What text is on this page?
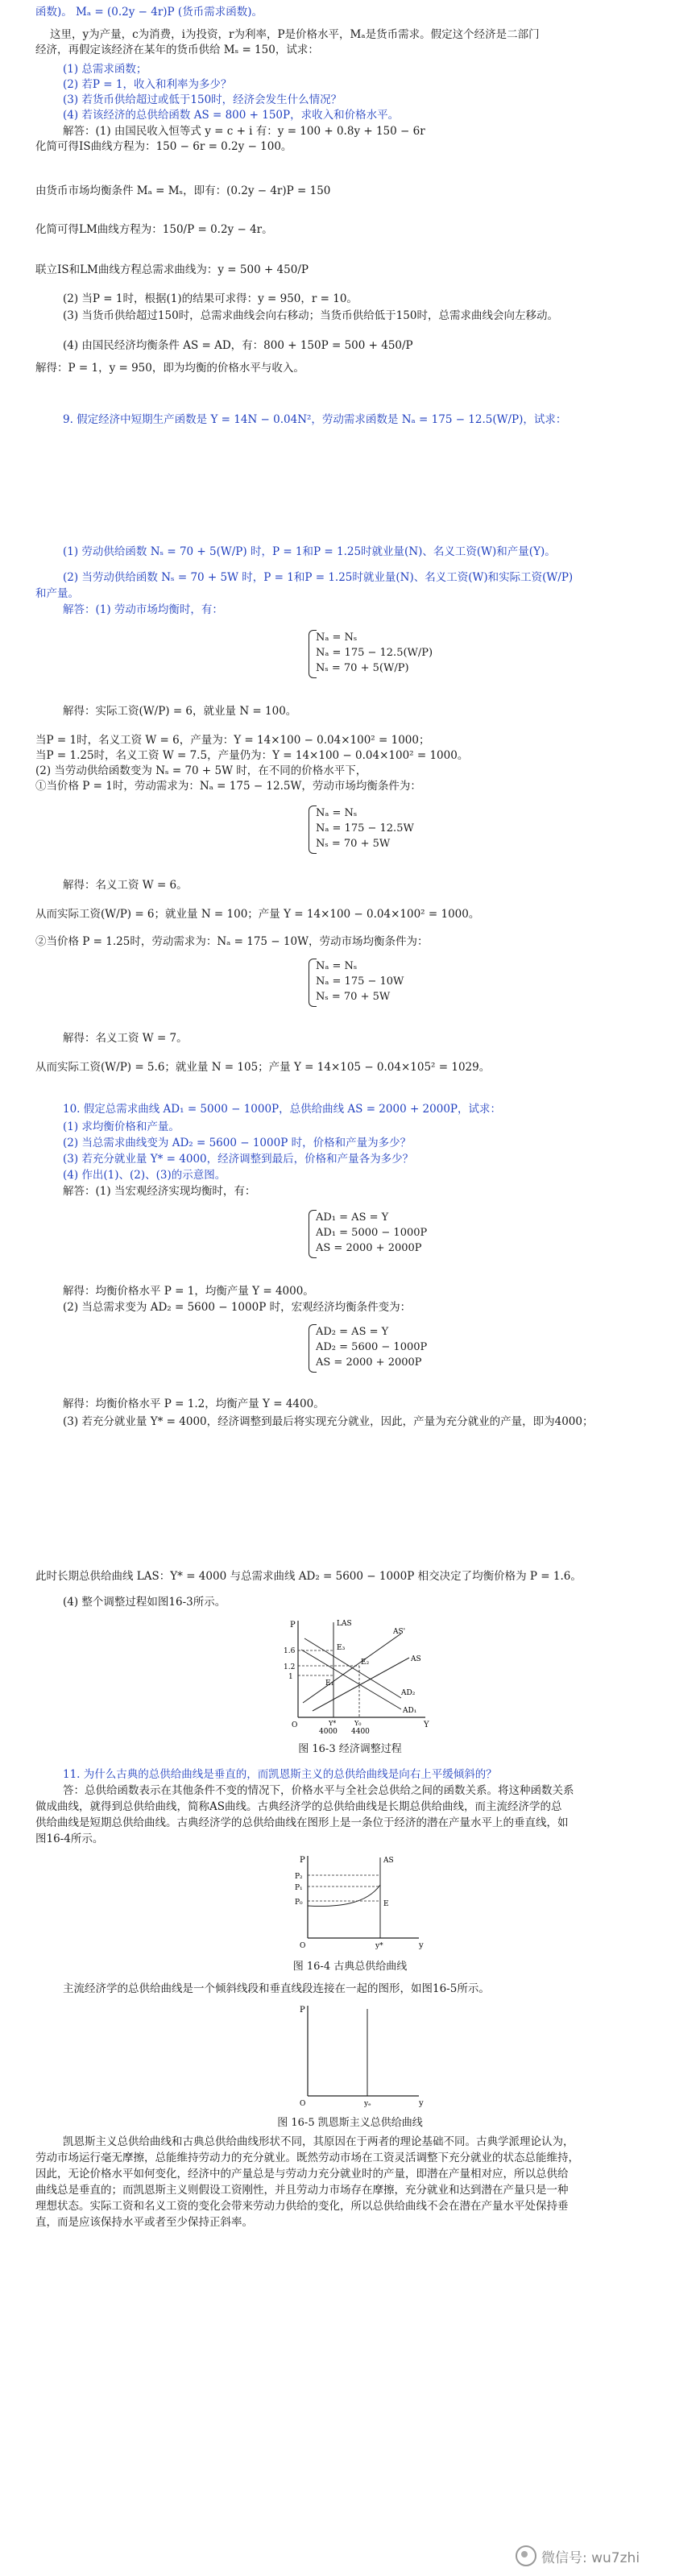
函数)。 Mₐ = (0.2y − 4r)P (货币需求函数)。
这里，y为产量，c为消费，i为投资，r为利率，P是价格水平，Mₐ是货币需求。假定这个经济是二部门
经济，再假定该经济在某年的货币供给 Mₛ = 150，试求：
(1) 总需求函数；
(2) 若P = 1，收入和利率为多少？
(3) 若货币供给超过或低于150时，经济会发生什么情况？
(4) 若该经济的总供给函数 AS = 800 + 150P，求收入和价格水平。
解答：(1) 由国民收入恒等式 y = c + i 有：y = 100 + 0.8y + 150 − 6r
化简可得IS曲线方程为：150 − 6r = 0.2y − 100。
由货币市场均衡条件 Mₐ = Mₛ，即有：(0.2y − 4r)P = 150
化简可得LM曲线方程为：150/P = 0.2y − 4r。
联立IS和LM曲线方程总需求曲线为：y = 500 + 450/P
(2) 当P = 1时，根据(1)的结果可求得：y = 950，r = 10。
(3) 当货币供给超过150时，总需求曲线会向右移动；当货币供给低于150时，总需求曲线会向左移动。
(4) 由国民经济均衡条件 AS = AD，有：800 + 150P = 500 + 450/P
解得：P = 1，y = 950，即为均衡的价格水平与收入。
9. 假定经济中短期生产函数是 Y = 14N − 0.04N²，劳动需求函数是 Nₐ = 175 − 12.5(W/P)，试求：
(1) 劳动供给函数 Nₛ = 70 + 5(W/P) 时，P = 1和P = 1.25时就业量(N)、名义工资(W)和产量(Y)。
(2) 当劳动供给函数 Nₛ = 70 + 5W 时，P = 1和P = 1.25时就业量(N)、名义工资(W)和实际工资(W/P)
和产量。
解答：(1) 劳动市场均衡时，有：
Nₐ = Nₛ
Nₐ = 175 − 12.5(W/P)
Nₛ = 70 + 5(W/P)
解得：实际工资(W/P) = 6，就业量 N = 100。
当P = 1时，名义工资 W = 6，产量为：Y = 14×100 − 0.04×100² = 1000；
当P = 1.25时，名义工资 W = 7.5，产量仍为：Y = 14×100 − 0.04×100² = 1000。
(2) 当劳动供给函数变为 Nₛ = 70 + 5W 时，在不同的价格水平下，
①当价格 P = 1时，劳动需求为：Nₐ = 175 − 12.5W，劳动市场均衡条件为：
Nₐ = Nₛ
Nₐ = 175 − 12.5W
Nₛ = 70 + 5W
解得：名义工资 W = 6。
从而实际工资(W/P) = 6；就业量 N = 100；产量 Y = 14×100 − 0.04×100² = 1000。
②当价格 P = 1.25时，劳动需求为：Nₐ = 175 − 10W，劳动市场均衡条件为：
Nₐ = Nₛ
Nₐ = 175 − 10W
Nₛ = 70 + 5W
解得：名义工资 W = 7。
从而实际工资(W/P) = 5.6；就业量 N = 105；产量 Y = 14×105 − 0.04×105² = 1029。
10. 假定总需求曲线 AD₁ = 5000 − 1000P，总供给曲线 AS = 2000 + 2000P，试求：
(1) 求均衡价格和产量。
(2) 当总需求曲线变为 AD₂ = 5600 − 1000P 时，价格和产量为多少？
(3) 若充分就业量 Y* = 4000，经济调整到最后，价格和产量各为多少？
(4) 作出(1)、(2)、(3)的示意图。
解答：(1) 当宏观经济实现均衡时，有：
AD₁ = AS = Y
AD₁ = 5000 − 1000P
AS = 2000 + 2000P
解得：均衡价格水平 P = 1，均衡产量 Y = 4000。
(2) 当总需求变为 AD₂ = 5600 − 1000P 时，宏观经济均衡条件变为：
AD₂ = AS = Y
AD₂ = 5600 − 1000P
AS = 2000 + 2000P
解得：均衡价格水平 P = 1.2，均衡产量 Y = 4400。
(3) 若充分就业量 Y* = 4000，经济调整到最后将实现充分就业，因此，产量为充分就业的产量，即为4000；
此时长期总供给曲线 LAS：Y* = 4000 与总需求曲线 AD₂ = 5600 − 1000P 相交决定了均衡价格为 P = 1.6。
(4) 整个调整过程如图16-3所示。
P
Y
O
1.6
1.2
1
4000 4400
LAS
AS'
AS
AD₂
AD₁
E₃
E₂
E₁
Y*	Y₀
图 16-3 经济调整过程
11. 为什么古典的总供给曲线是垂直的，而凯恩斯主义的总供给曲线是向右上平缓倾斜的？
答：总供给函数表示在其他条件不变的情况下，价格水平与全社会总供给之间的函数关系。将这种函数关系
做成曲线，就得到总供给曲线，简称AS曲线。古典经济学的总供给曲线是长期总供给曲线，而主流经济学的总
供给曲线是短期总供给曲线。古典经济学的总供给曲线在图形上是一条位于经济的潜在产量水平上的垂直线，如
图16-4所示。
P
y
O
P₂
P₁
P₀
AS
E
y*
图 16-4 古典总供给曲线
主流经济学的总供给曲线是一个倾斜线段和垂直线段连接在一起的图形，如图16-5所示。
P
y
O	yₑ
图 16-5 凯恩斯主义总供给曲线
凯恩斯主义总供给曲线和古典总供给曲线形状不同，其原因在于两者的理论基础不同。古典学派理论认为，
劳动市场运行毫无摩擦，总能维持劳动力的充分就业。既然劳动市场在工资灵活调整下充分就业的状态总能维持，
因此，无论价格水平如何变化，经济中的产量总是与劳动力充分就业时的产量，即潜在产量相对应，所以总供给
曲线总是垂直的；而凯恩斯主义则假设工资刚性，并且劳动力市场存在摩擦，充分就业和达到潜在产量只是一种
理想状态。实际工资和名义工资的变化会带来劳动力供给的变化，所以总供给曲线不会在潜在产量水平处保持垂
直，而是应该保持水平或者至少保持正斜率。
微信号: wu7zhi
